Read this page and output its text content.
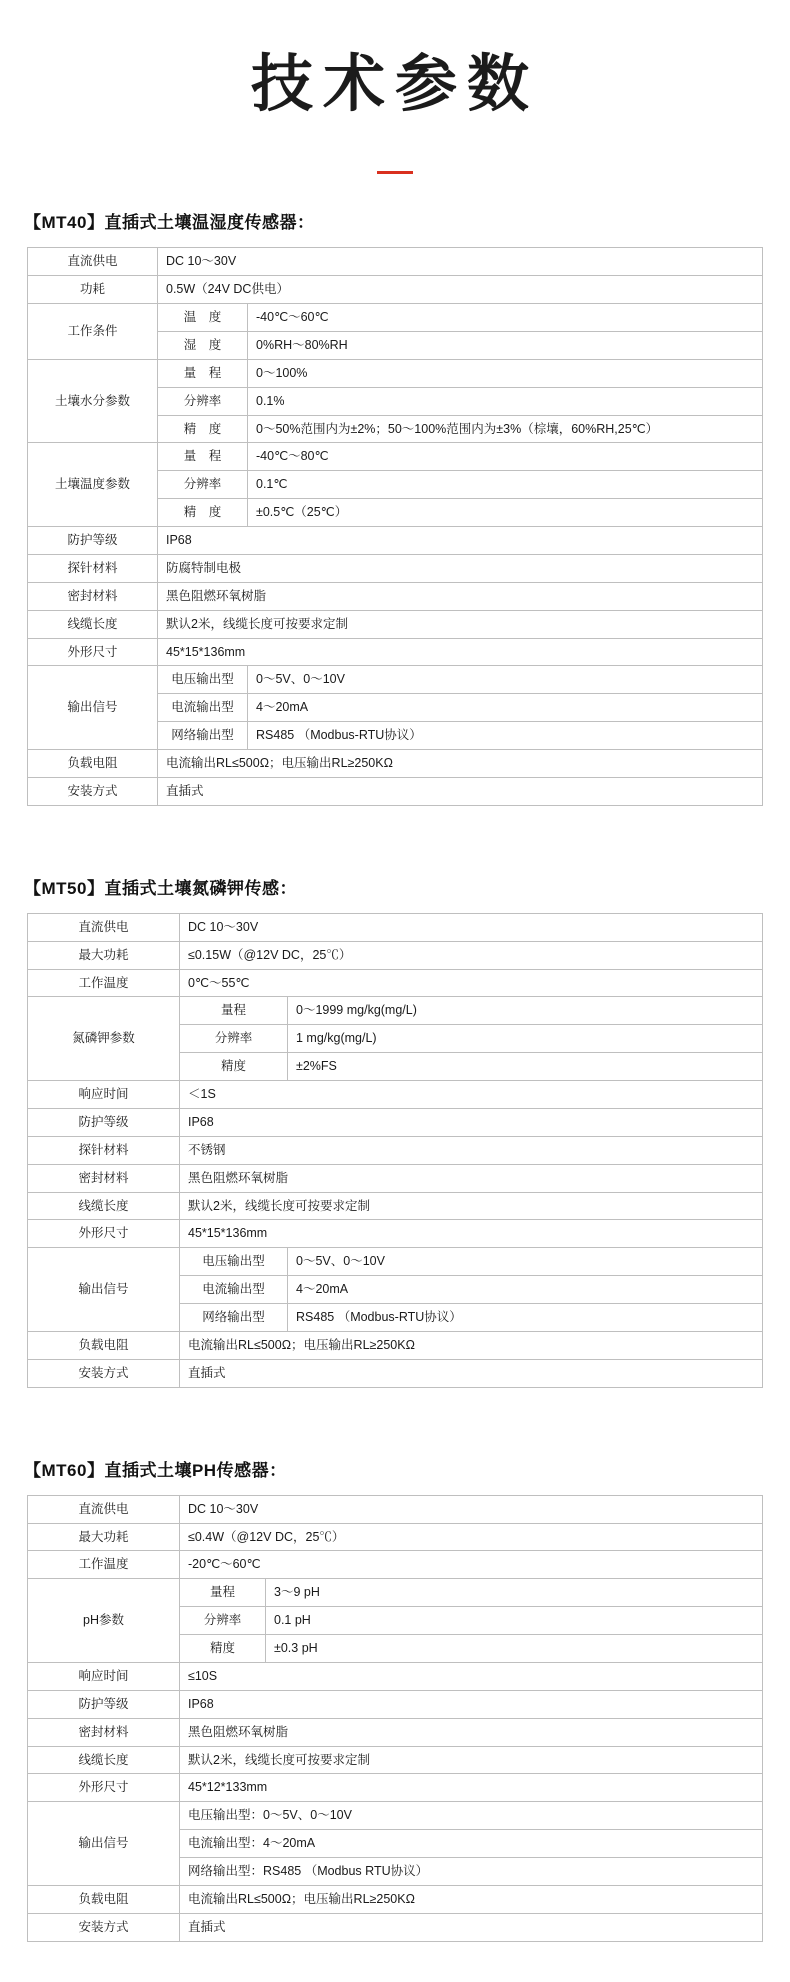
技术参数
【MT40】直插式土壤温湿度传感器：
直流供电	DC 10〜30V	
功耗	0.5W（24V DC供电）	
工作条件	温　度	-40℃〜60℃
	湿　度	0%RH〜80%RH
土壤水分参数	量　程	0〜100%
	分辨率	0.1%
	精　度	0〜50%范围内为±2%；50〜100%范围内为±3%（棕壤，60%RH,25℃）
土壤温度参数	量　程	-40℃〜80℃
	分辨率	0.1℃
	精　度	±0.5℃（25℃）
防护等级	IP68	
探针材料	防腐特制电极	
密封材料	黑色阻燃环氧树脂	
线缆长度	默认2米，线缆长度可按要求定制	
外形尺寸	45*15*136mm	
输出信号	电压输出型	0〜5V、0〜10V
	电流输出型	4〜20mA
	网络输出型	RS485 （Modbus-RTU协议）
负载电阻	电流输出RL≤500Ω；电压输出RL≥250KΩ	
安装方式	直插式	
【MT50】直插式土壤氮磷钾传感：
直流供电	DC 10〜30V	
最大功耗	≤0.15W（@12V DC，25℃）	
工作温度	0℃〜55℃	
氮磷钾参数	量程	0〜1999 mg/kg(mg/L)
	分辨率	1 mg/kg(mg/L)
	精度	±2%FS
响应时间	＜1S	
防护等级	IP68	
探针材料	不锈钢	
密封材料	黑色阻燃环氧树脂	
线缆长度	默认2米，线缆长度可按要求定制	
外形尺寸	45*15*136mm	
输出信号	电压输出型	0〜5V、0〜10V
	电流输出型	4〜20mA
	网络输出型	RS485 （Modbus-RTU协议）
负载电阻	电流输出RL≤500Ω；电压输出RL≥250KΩ	
安装方式	直插式	
【MT60】直插式土壤PH传感器：
直流供电	DC 10〜30V	
最大功耗	≤0.4W（@12V DC，25℃）	
工作温度	-20℃〜60℃	
pH参数	量程	3〜9 pH
	分辨率	0.1 pH
	精度	±0.3 pH
响应时间	≤10S	
防护等级	IP68	
密封材料	黑色阻燃环氧树脂	
线缆长度	默认2米，线缆长度可按要求定制	
外形尺寸	45*12*133mm	
输出信号	电压输出型：0〜5V、0〜10V	
	电流输出型：4〜20mA	
	网络输出型：RS485 （Modbus RTU协议）	
负载电阻	电流输出RL≤500Ω；电压输出RL≥250KΩ	
安装方式	直插式	
